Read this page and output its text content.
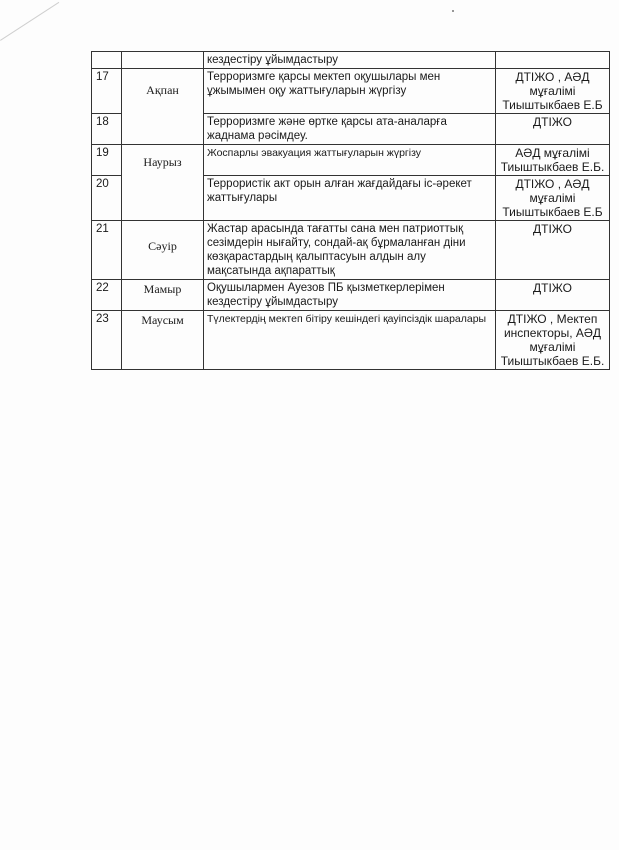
		кездестіру ұйымдастыру	
17	Ақпан	Терроризмге қарсы мектеп оқушылары мен ұжымымен оқу жаттығуларын жүргізу	ДТІЖО , АӘД мұғалімі Тиыштыкбаев Е.Б
18		Терроризмге және өртке қарсы ата-аналарға жаднама рәсімдеу.	ДТІЖО
19	Наурыз	Жоспарлы эвакуация жаттығуларын жүргізу	АӘД мұғалімі Тиыштыкбаев Е.Б.
20		Террористік акт орын алған жағдайдағы іс-әрекет жаттығулары	ДТІЖО , АӘД мұғалімі Тиыштыкбаев Е.Б
21	Сәуір	Жастар арасында тағатты сана мен патриоттық сезімдерін нығайту, сондай-ақ бұрмаланған діни көзқарастардың қалыптасуын алдын алу мақсатында ақпараттық	ДТІЖО
22	Мамыр	Оқушылармен Ауезов ПБ қызметкерлерімен кездестіру ұйымдастыру	ДТІЖО
23	Маусым	Түлектердің мектеп бітіру кешіндегі қауіпсіздік шаралары	ДТІЖО , Мектеп инспекторы, АӘД мұғалімі Тиыштыкбаев Е.Б.
